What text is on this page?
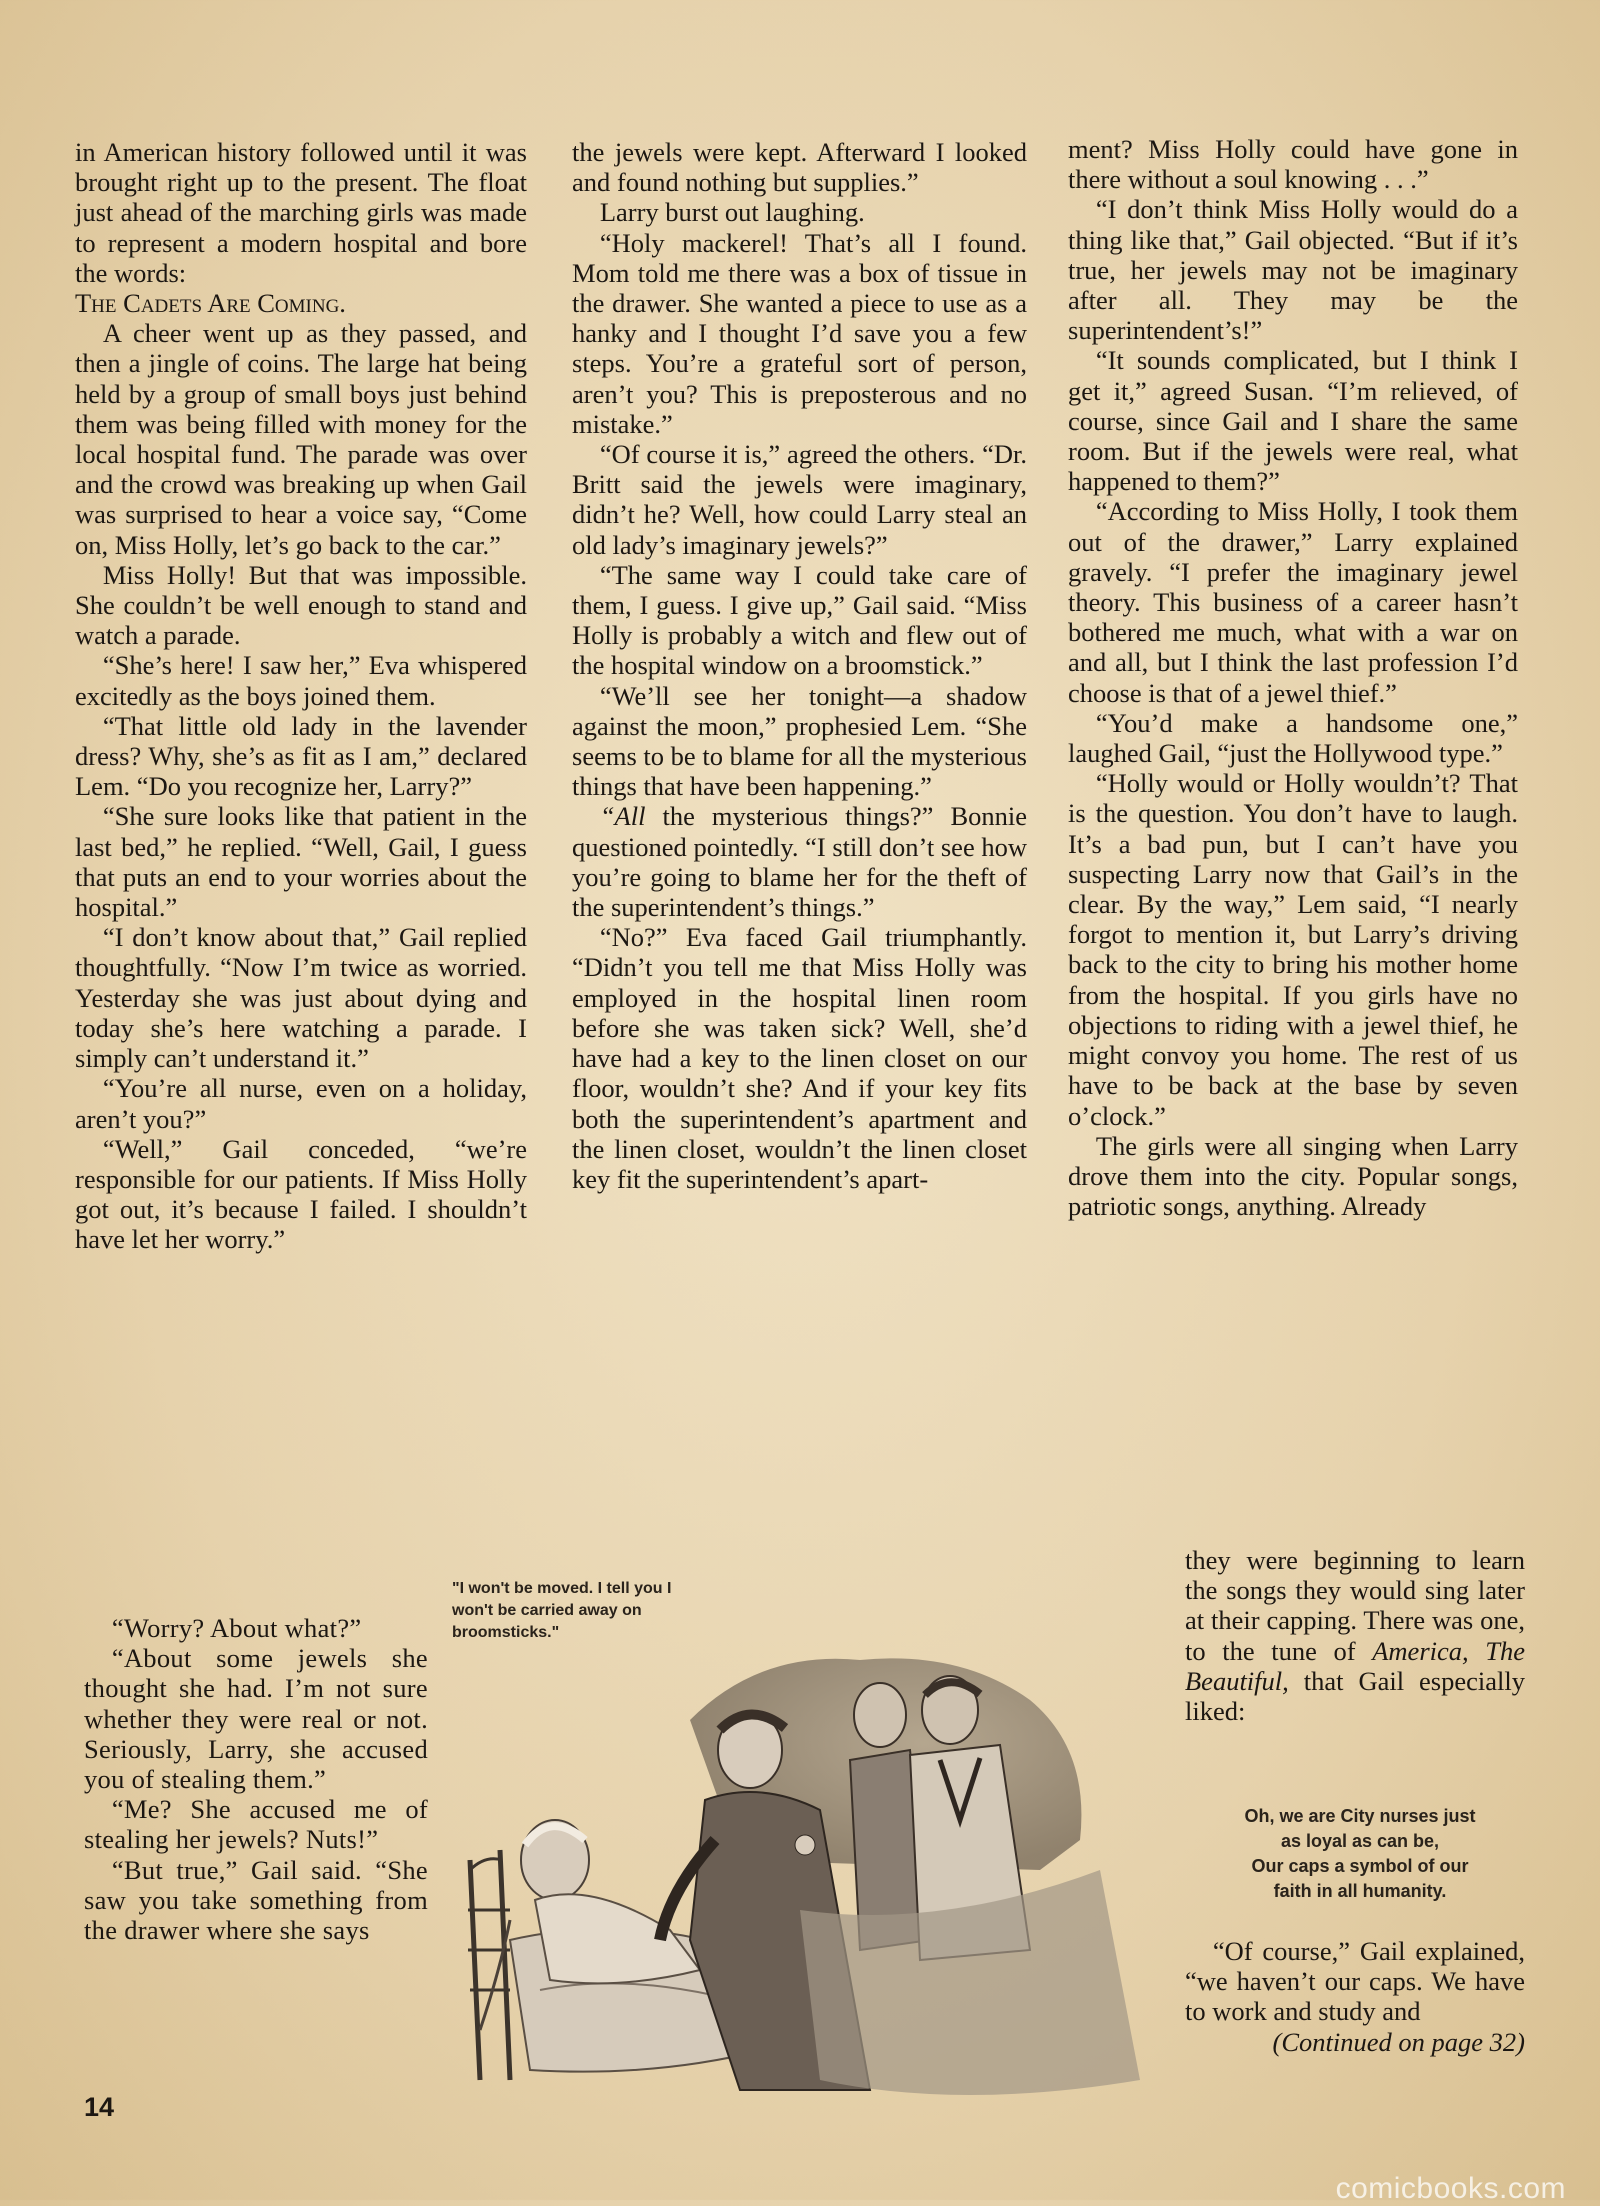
in American history followed until it was brought right up to the present. The float just ahead of the marching girls was made to represent a modern hospital and bore the words:

The Cadets Are Coming.

A cheer went up as they passed, and then a jingle of coins. The large hat being held by a group of small boys just behind them was being filled with money for the local hospital fund. The parade was over and the crowd was breaking up when Gail was surprised to hear a voice say, “Come on, Miss Holly, let’s go back to the car.”

Miss Holly! But that was impossible. She couldn’t be well enough to stand and watch a parade.

“She’s here! I saw her,” Eva whispered excitedly as the boys joined them.

“That little old lady in the lavender dress? Why, she’s as fit as I am,” declared Lem. “Do you recognize her, Larry?”

“She sure looks like that patient in the last bed,” he replied. “Well, Gail, I guess that puts an end to your worries about the hospital.”

“I don’t know about that,” Gail replied thoughtfully. “Now I’m twice as worried. Yesterday she was just about dying and today she’s here watching a parade. I simply can’t understand it.”

“You’re all nurse, even on a holiday, aren’t you?”

“Well,” Gail conceded, “we’re responsible for our patients. If Miss Holly got out, it’s because I failed. I shouldn’t have let her worry.”

“Worry? About what?”

“About some jewels she thought she had. I’m not sure whether they were real or not. Seriously, Larry, she accused you of stealing them.”

“Me? She accused me of stealing her jewels? Nuts!”

“But true,” Gail said. “She saw you take something from the drawer where she says

the jewels were kept. Afterward I looked and found nothing but supplies.”

Larry burst out laughing.

“Holy mackerel! That’s all I found. Mom told me there was a box of tissue in the drawer. She wanted a piece to use as a hanky and I thought I’d save you a few steps. You’re a grateful sort of person, aren’t you? This is preposterous and no mistake.”

“Of course it is,” agreed the others. “Dr. Britt said the jewels were imaginary, didn’t he? Well, how could Larry steal an old lady’s imaginary jewels?”

“The same way I could take care of them, I guess. I give up,” Gail said. “Miss Holly is probably a witch and flew out of the hospital window on a broomstick.”

“We’ll see her tonight—a shadow against the moon,” prophesied Lem. “She seems to be to blame for all the mysterious things that have been happening.”

“All the mysterious things?” Bonnie questioned pointedly. “I still don’t see how you’re going to blame her for the theft of the superintendent’s things.”

“No?” Eva faced Gail triumphantly. “Didn’t you tell me that Miss Holly was employed in the hospital linen room before she was taken sick? Well, she’d have had a key to the linen closet on our floor, wouldn’t she? And if your key fits both the superintendent’s apartment and the linen closet, wouldn’t the linen closet key fit the superintendent’s apart-

ment? Miss Holly could have gone in there without a soul knowing . . .”

“I don’t think Miss Holly would do a thing like that,” Gail objected. “But if it’s true, her jewels may not be imaginary after all. They may be the superintendent’s!”

“It sounds complicated, but I think I get it,” agreed Susan. “I’m relieved, of course, since Gail and I share the same room. But if the jewels were real, what happened to them?”

“According to Miss Holly, I took them out of the drawer,” Larry explained gravely. “I prefer the imaginary jewel theory. This business of a career hasn’t bothered me much, what with a war on and all, but I think the last profession I’d choose is that of a jewel thief.”

“You’d make a handsome one,” laughed Gail, “just the Hollywood type.”

“Holly would or Holly wouldn’t? That is the question. You don’t have to laugh. It’s a bad pun, but I can’t have you suspecting Larry now that Gail’s in the clear. By the way,” Lem said, “I nearly forgot to mention it, but Larry’s driving back to the city to bring his mother home from the hospital. If you girls have no objections to riding with a jewel thief, he might convoy you home. The rest of us have to be back at the base by seven o’clock.”

The girls were all singing when Larry drove them into the city. Popular songs, patriotic songs, anything. Already

they were beginning to learn the songs they would sing later at their capping. There was one, to the tune of America, The Beautiful, that Gail especially liked:

Oh, we are City nurses just
as loyal as can be,
Our caps a symbol of our
faith in all humanity.

“Of course,” Gail explained, “we haven’t our caps. We have to work and study and

(Continued on page 32)

"I won't be moved. I tell you I won't be carried away on broomsticks."
14
comicbooks.com
